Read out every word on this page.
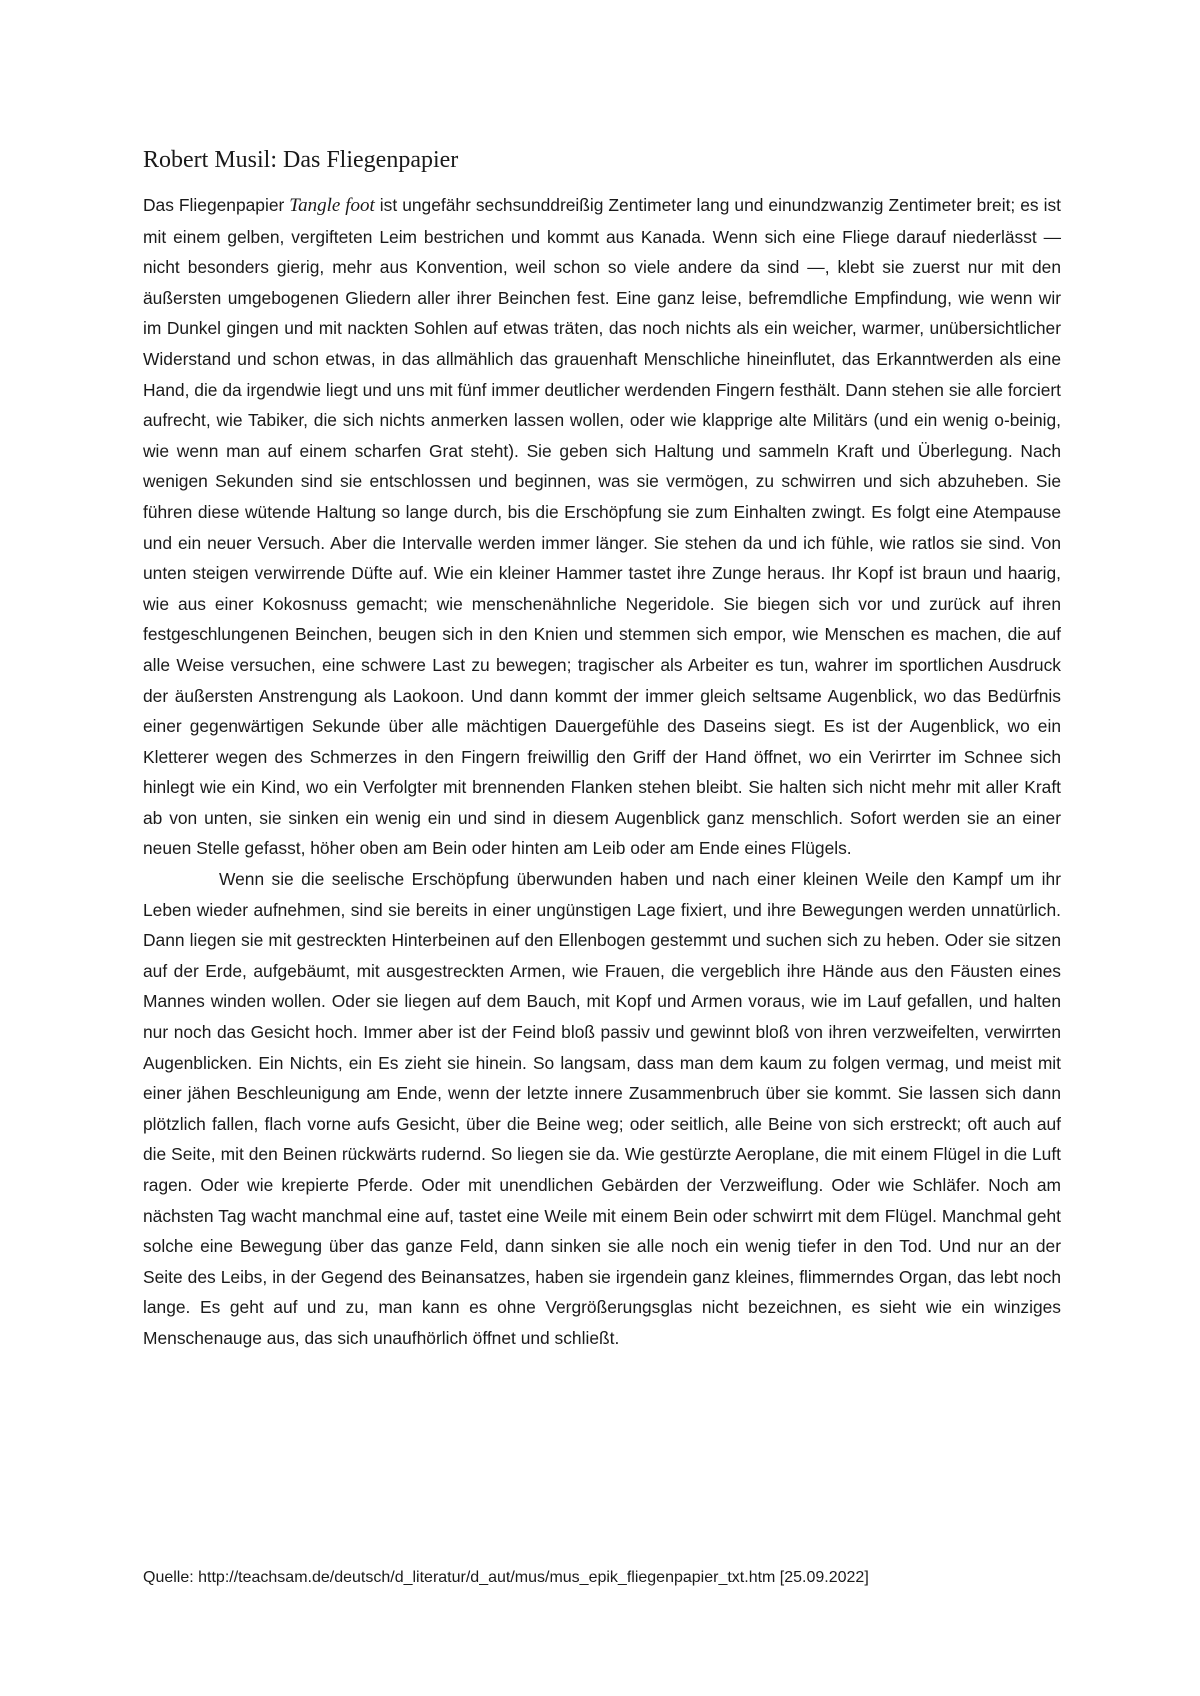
Robert Musil: Das Fliegenpapier

Das Fliegenpapier Tangle foot ist ungefähr sechsunddreißig Zentimeter lang und einundzwanzig Zentimeter breit; es ist mit einem gelben, vergifteten Leim bestrichen und kommt aus Kanada. Wenn sich eine Fliege darauf niederlässt — nicht besonders gierig, mehr aus Konvention, weil schon so viele andere da sind —, klebt sie zuerst nur mit den äußersten umgebogenen Gliedern aller ihrer Beinchen fest. Eine ganz leise, befremdliche Empfindung, wie wenn wir im Dunkel gingen und mit nackten Sohlen auf etwas träten, das noch nichts als ein weicher, warmer, unübersichtlicher Widerstand und schon etwas, in das allmählich das grauenhaft Menschliche hineinflutet, das Erkanntwerden als eine Hand, die da irgendwie liegt und uns mit fünf immer deutlicher werdenden Fingern festhält. Dann stehen sie alle forciert aufrecht, wie Tabiker, die sich nichts anmerken lassen wollen, oder wie klapprige alte Militärs (und ein wenig o-beinig, wie wenn man auf einem scharfen Grat steht). Sie geben sich Haltung und sammeln Kraft und Überlegung. Nach wenigen Sekunden sind sie entschlossen und beginnen, was sie vermögen, zu schwirren und sich abzuheben. Sie führen diese wütende Haltung so lange durch, bis die Erschöpfung sie zum Einhalten zwingt. Es folgt eine Atempause und ein neuer Versuch. Aber die Intervalle werden immer länger. Sie stehen da und ich fühle, wie ratlos sie sind. Von unten steigen verwirrende Düfte auf. Wie ein kleiner Hammer tastet ihre Zunge heraus. Ihr Kopf ist braun und haarig, wie aus einer Kokosnuss gemacht; wie menschenähnliche Negeridole. Sie biegen sich vor und zurück auf ihren festgeschlungenen Beinchen, beugen sich in den Knien und stemmen sich empor, wie Menschen es machen, die auf alle Weise versuchen, eine schwere Last zu bewegen; tragischer als Arbeiter es tun, wahrer im sportlichen Ausdruck der äußersten Anstrengung als Laokoon. Und dann kommt der immer gleich seltsame Augenblick, wo das Bedürfnis einer gegenwärtigen Sekunde über alle mächtigen Dauergefühle des Daseins siegt. Es ist der Augenblick, wo ein Kletterer wegen des Schmerzes in den Fingern freiwillig den Griff der Hand öffnet, wo ein Verirrter im Schnee sich hinlegt wie ein Kind, wo ein Verfolgter mit brennenden Flanken stehen bleibt. Sie halten sich nicht mehr mit aller Kraft ab von unten, sie sinken ein wenig ein und sind in diesem Augenblick ganz menschlich. Sofort werden sie an einer neuen Stelle gefasst, höher oben am Bein oder hinten am Leib oder am Ende eines Flügels.

Wenn sie die seelische Erschöpfung überwunden haben und nach einer kleinen Weile den Kampf um ihr Leben wieder aufnehmen, sind sie bereits in einer ungünstigen Lage fixiert, und ihre Bewegungen werden unnatürlich. Dann liegen sie mit gestreckten Hinterbeinen auf den Ellenbogen gestemmt und suchen sich zu heben. Oder sie sitzen auf der Erde, aufgebäumt, mit ausgestreckten Armen, wie Frauen, die vergeblich ihre Hände aus den Fäusten eines Mannes winden wollen. Oder sie liegen auf dem Bauch, mit Kopf und Armen voraus, wie im Lauf gefallen, und halten nur noch das Gesicht hoch. Immer aber ist der Feind bloß passiv und gewinnt bloß von ihren verzweifelten, verwirrten Augenblicken. Ein Nichts, ein Es zieht sie hinein. So langsam, dass man dem kaum zu folgen vermag, und meist mit einer jähen Beschleunigung am Ende, wenn der letzte innere Zusammenbruch über sie kommt. Sie lassen sich dann plötzlich fallen, flach vorne aufs Gesicht, über die Beine weg; oder seitlich, alle Beine von sich erstreckt; oft auch auf die Seite, mit den Beinen rückwärts rudernd. So liegen sie da. Wie gestürzte Aeroplane, die mit einem Flügel in die Luft ragen. Oder wie krepierte Pferde. Oder mit unendlichen Gebärden der Verzweiflung. Oder wie Schläfer. Noch am nächsten Tag wacht manchmal eine auf, tastet eine Weile mit einem Bein oder schwirrt mit dem Flügel. Manchmal geht solche eine Bewegung über das ganze Feld, dann sinken sie alle noch ein wenig tiefer in den Tod. Und nur an der Seite des Leibs, in der Gegend des Beinansatzes, haben sie irgendein ganz kleines, flimmerndes Organ, das lebt noch lange. Es geht auf und zu, man kann es ohne Vergrößerungsglas nicht bezeichnen, es sieht wie ein winziges Menschenauge aus, das sich unaufhörlich öffnet und schließt.

Quelle: http://teachsam.de/deutsch/d_literatur/d_aut/mus/mus_epik_fliegenpapier_txt.htm [25.09.2022]
